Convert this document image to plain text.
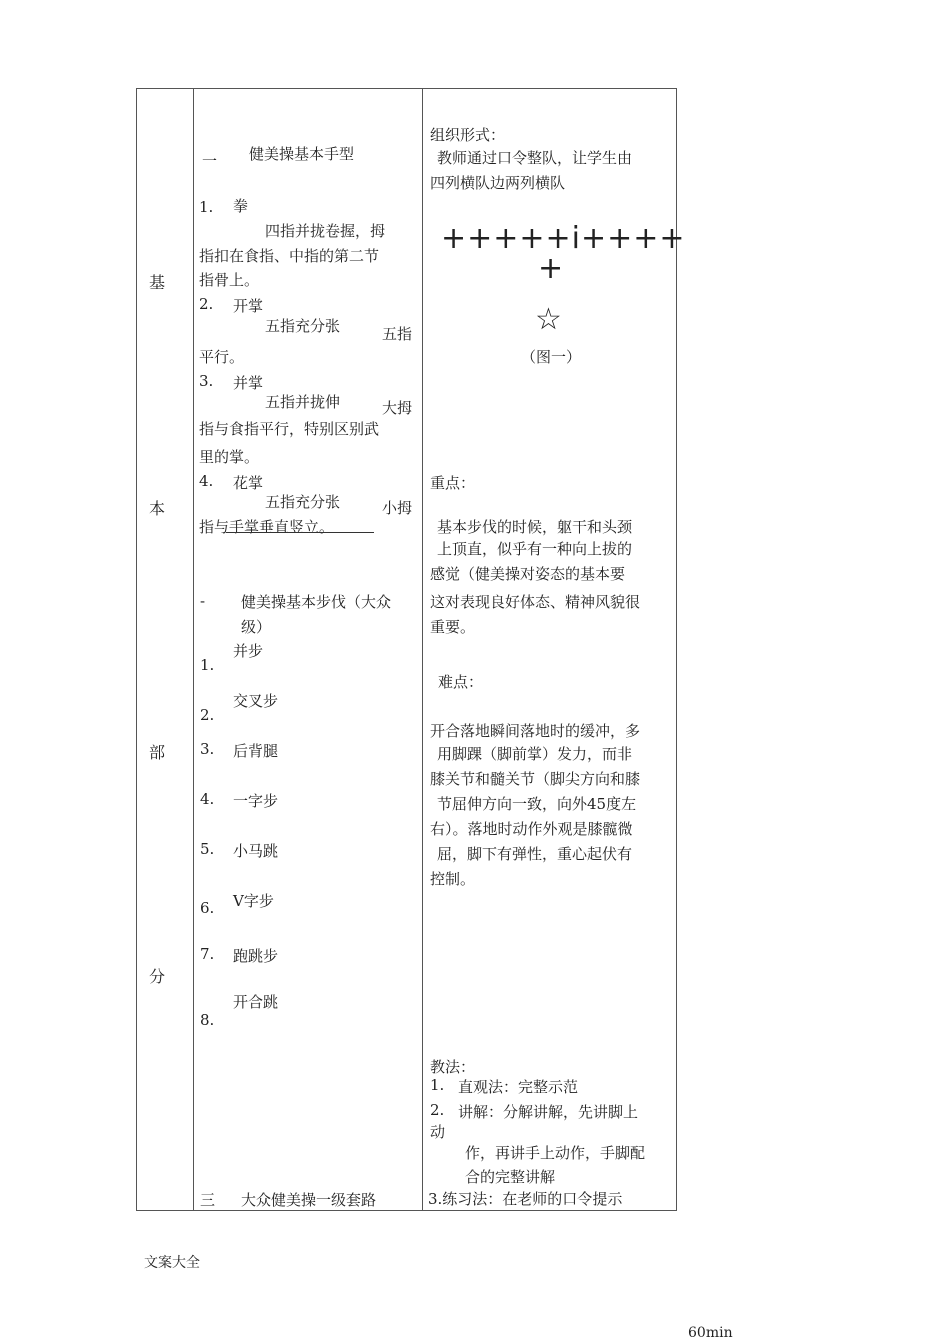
基
本
部
分
一 健美操基本手型
1. 拳
四指并拢卷握，拇
指扣在食指、中指的第二节
指骨上。
2. 开掌
五指充分张	五指
平行。
3. 并掌
五指并拢伸	大拇
指与食指平行，特别区别武
里的掌。
4. 花掌
五指充分张	小拇
指与手掌垂直竖立。
- 健美操基本步伐（大众
级）
1.
并步
2.
交叉步
3. 后背腿
4. 一字步
5. 小马跳
6. V字步
7. 跑跳步
8.
开合跳
三 大众健美操一级套路
组织形式：
教师通过口令整队，让学生由
四列横队边两列横队
+++++i++++
+
☆
（图一）
重点：
基本步伐的时候，躯干和头颈
上顶直，似乎有一种向上拔的
感觉（健美操对姿态的基本要
这对表现良好体态、精神风貌很
重要。
难点：
开合落地瞬间落地时的缓冲，多
用脚踝（脚前掌）发力，而非
膝关节和髓关节（脚尖方向和膝
节屈伸方向一致，向外45度左
右）。落地时动作外观是膝髋微
屈，脚下有弹性，重心起伏有
控制。
教法：
1. 直观法：完整示范
2. 讲解：分解讲解，先讲脚上
动
作，再讲手上动作，手脚配
合的完整讲解
3.练习法：在老师的口令提示
文案大全
60min
